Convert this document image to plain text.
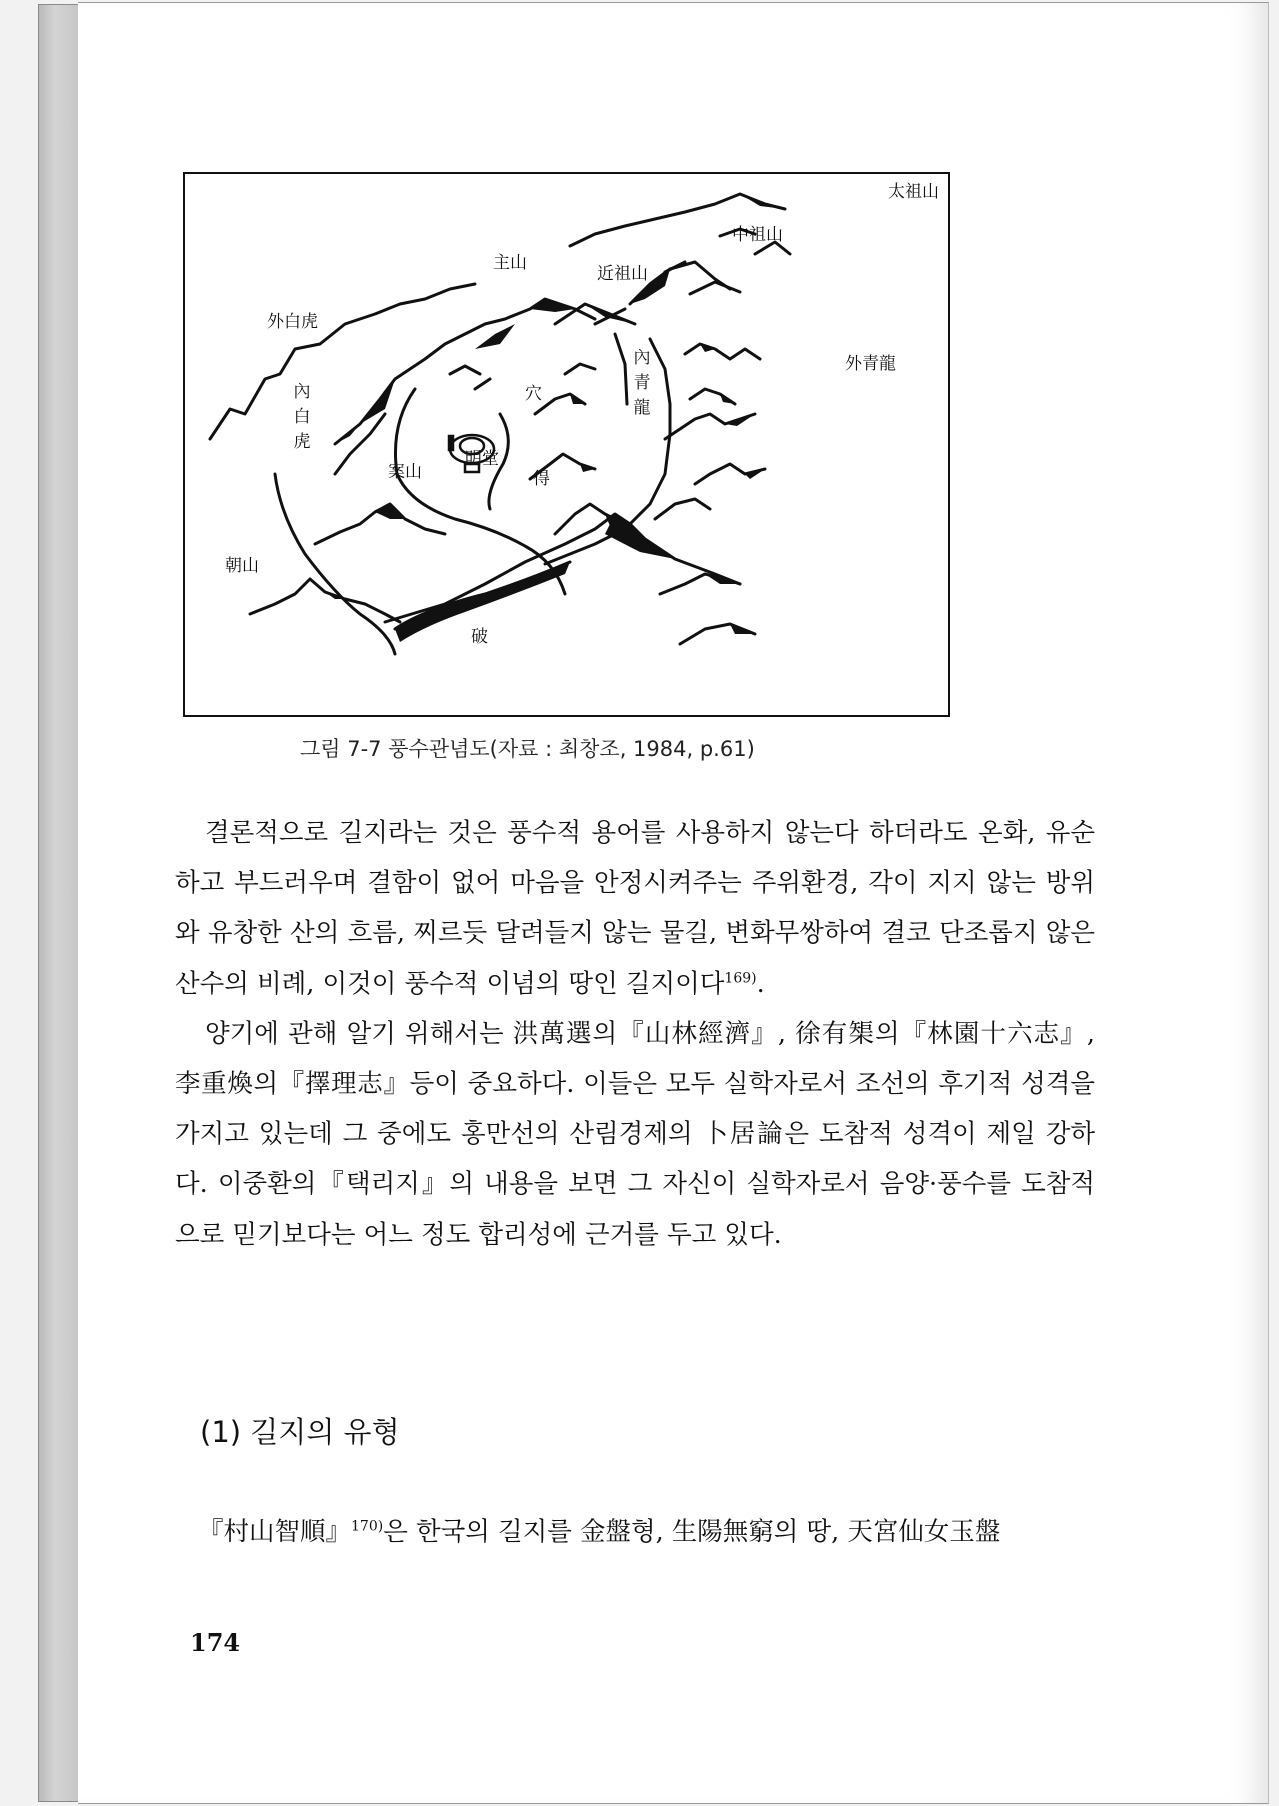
太祖山
中祖山
主山
近祖山
外白虎
內
白
虎
內
青
龍
外青龍
穴
明堂
得
案山
朝山
破
그림 7-7 풍수관념도(자료 : 최창조, 1984, p.61)

결론적으로 길지라는 것은 풍수적 용어를 사용하지 않는다 하더라도 온화, 유순하고 부드러우며 결함이 없어 마음을 안정시켜주는 주위환경, 각이 지지 않는 방위와 유창한 산의 흐름, 찌르듯 달려들지 않는 물길, 변화무쌍하여 결코 단조롭지 않은 산수의 비례, 이것이 풍수적 이념의 땅인 길지이다$^{169)}$.

양기에 관해 알기 위해서는 洪萬選의『山林經濟』, 徐有榘의『林園十六志』, 李重煥의『擇理志』등이 중요하다. 이들은 모두 실학자로서 조선의 후기적 성격을 가지고 있는데 그 중에도 홍만선의 산림경제의 卜居論은 도참적 성격이 제일 강하다. 이중환의『택리지』의 내용을 보면 그 자신이 실학자로서 음양·풍수를 도참적으로 믿기보다는 어느 정도 합리성에 근거를 두고 있다.

(1) 길지의 유형
『村山智順』$^{170)}$은 한국의 길지를 金盤형, 生陽無窮의 땅, 天宮仙女玉盤
174
